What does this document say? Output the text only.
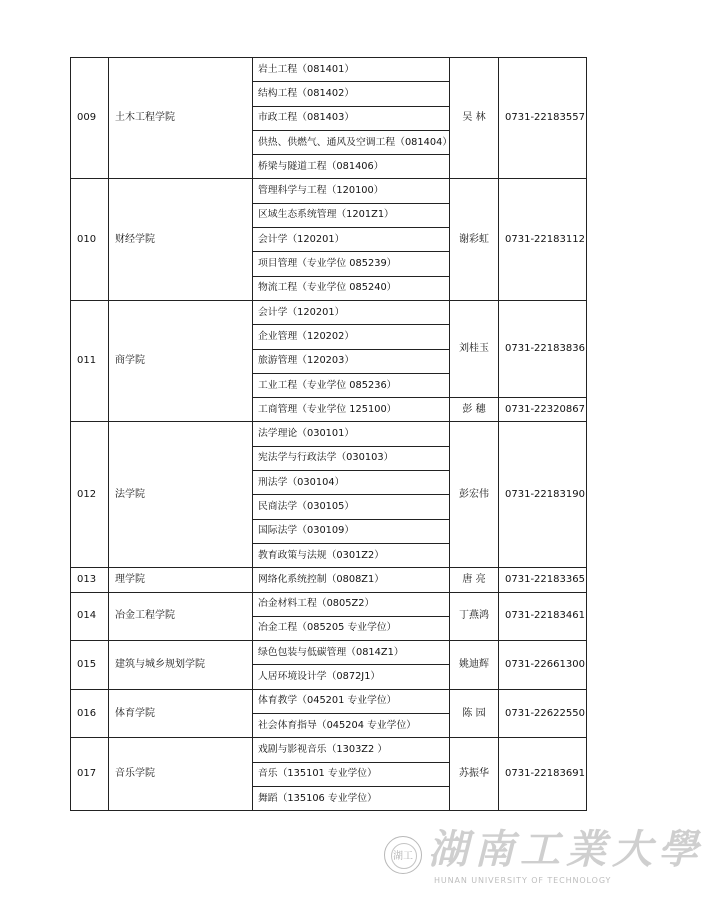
009	土木工程学院	岩土工程（081401）	吴 林	0731-22183557
		结构工程（081402）		
		市政工程（081403）		
		供热、供燃气、通风及空调工程（081404）		
		桥梁与隧道工程（081406）		
010	财经学院	管理科学与工程（120100）	谢彩虹	0731-22183112
		区域生态系统管理（1201Z1）		
		会计学（120201）		
		项目管理（专业学位 085239）		
		物流工程（专业学位 085240）		
011	商学院	会计学（120201）	刘桂玉	0731-22183836
		企业管理（120202）		
		旅游管理（120203）		
		工业工程（专业学位 085236）		
		工商管理（专业学位 125100）	彭 穗	0731-22320867
012	法学院	法学理论（030101）	彭宏伟	0731-22183190
		宪法学与行政法学（030103）		
		刑法学（030104）		
		民商法学（030105）		
		国际法学（030109）		
		教育政策与法规（0301Z2）		
013	理学院	网络化系统控制（0808Z1）	唐 亮	0731-22183365
014	冶金工程学院	冶金材料工程（0805Z2）	丁燕鸿	0731-22183461
		冶金工程（085205 专业学位）		
015	建筑与城乡规划学院	绿色包装与低碳管理（0814Z1）	姚迪辉	0731-22661300
		人居环境设计学（0872J1）		
016	体育学院	体育教学（045201 专业学位）	陈 园	0731-22622550
		社会体育指导（045204 专业学位）		
017	音乐学院	戏剧与影视音乐（1303Z2 ）	苏振华	0731-22183691
		音乐（135101 专业学位）		
		舞蹈（135106 专业学位）		
湖工 湖南工業大學
HUNAN UNIVERSITY OF TECHNOLOGY
